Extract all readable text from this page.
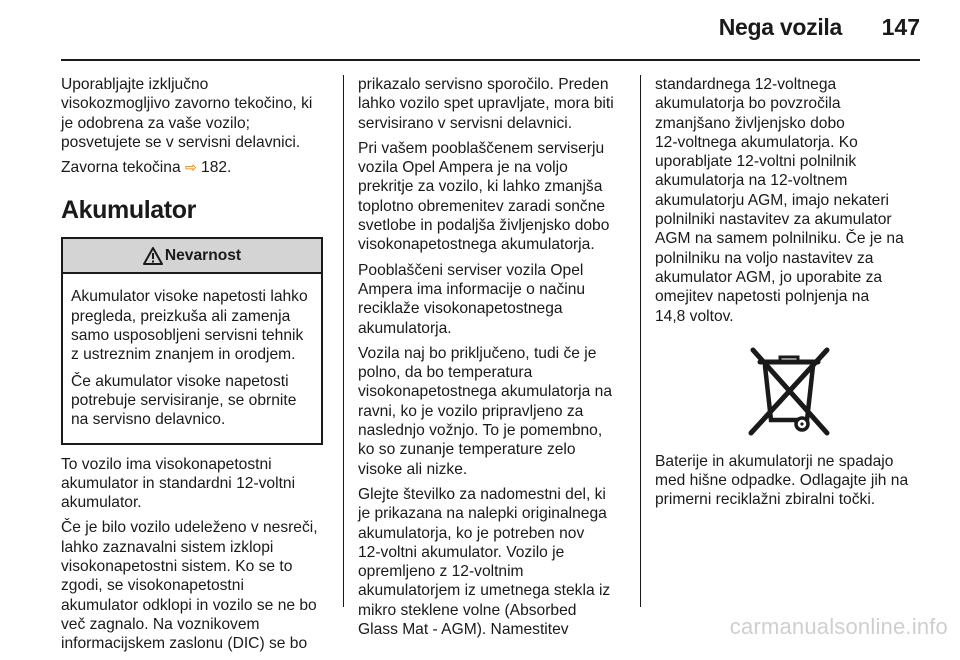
Nega vozila 147

Uporabljajte izključno
visokozmogljivo zavorno tekočino, ki
je odobrena za vaše vozilo;
posvetujete se v servisni delavnici.

Zavorna tekočina ⇨ 182.

Akumulator
Nevarnost

Akumulator visoke napetosti lahko
pregleda, preizkuša ali zamenja
samo usposobljeni servisni tehnik
z ustreznim znanjem in orodjem.

Če akumulator visoke napetosti
potrebuje servisiranje, se obrnite
na servisno delavnico.

To vozilo ima visokonapetostni
akumulator in standardni 12-voltni
akumulator.

Če je bilo vozilo udeleženo v nesreči,
lahko zaznavalni sistem izklopi
visokonapetostni sistem. Ko se to
zgodi, se visokonapetostni
akumulator odklopi in vozilo se ne bo
več zagnalo. Na voznikovem
informacijskem zaslonu (DIC) se bo

prikazalo servisno sporočilo. Preden
lahko vozilo spet upravljate, mora biti
servisirano v servisni delavnici.

Pri vašem pooblaščenem serviserju
vozila Opel Ampera je na voljo
prekritje za vozilo, ki lahko zmanjša
toplotno obremenitev zaradi sončne
svetlobe in podaljša življenjsko dobo
visokonapetostnega akumulatorja.

Pooblaščeni serviser vozila Opel
Ampera ima informacije o načinu
reciklaže visokonapetostnega
akumulatorja.

Vozila naj bo priključeno, tudi če je
polno, da bo temperatura
visokonapetostnega akumulatorja na
ravni, ko je vozilo pripravljeno za
naslednjo vožnjo. To je pomembno,
ko so zunanje temperature zelo
visoke ali nizke.

Glejte številko za nadomestni del, ki
je prikazana na nalepki originalnega
akumulatorja, ko je potreben nov
12-voltni akumulator. Vozilo je
opremljeno z 12-voltnim
akumulatorjem iz umetnega stekla iz
mikro steklene volne (Absorbed
Glass Mat - AGM). Namestitev

standardnega 12-voltnega
akumulatorja bo povzročila
zmanjšano življenjsko dobo
12-voltnega akumulatorja. Ko
uporabljate 12-voltni polnilnik
akumulatorja na 12-voltnem
akumulatorju AGM, imajo nekateri
polnilniki nastavitev za akumulator
AGM na samem polnilniku. Če je na
polnilniku na voljo nastavitev za
akumulator AGM, jo uporabite za
omejitev napetosti polnjenja na
14,8 voltov.

Baterije in akumulatorji ne spadajo
med hišne odpadke. Odlagajte jih na
primerni reciklažni zbiralni točki.

carmanualsonline.info
